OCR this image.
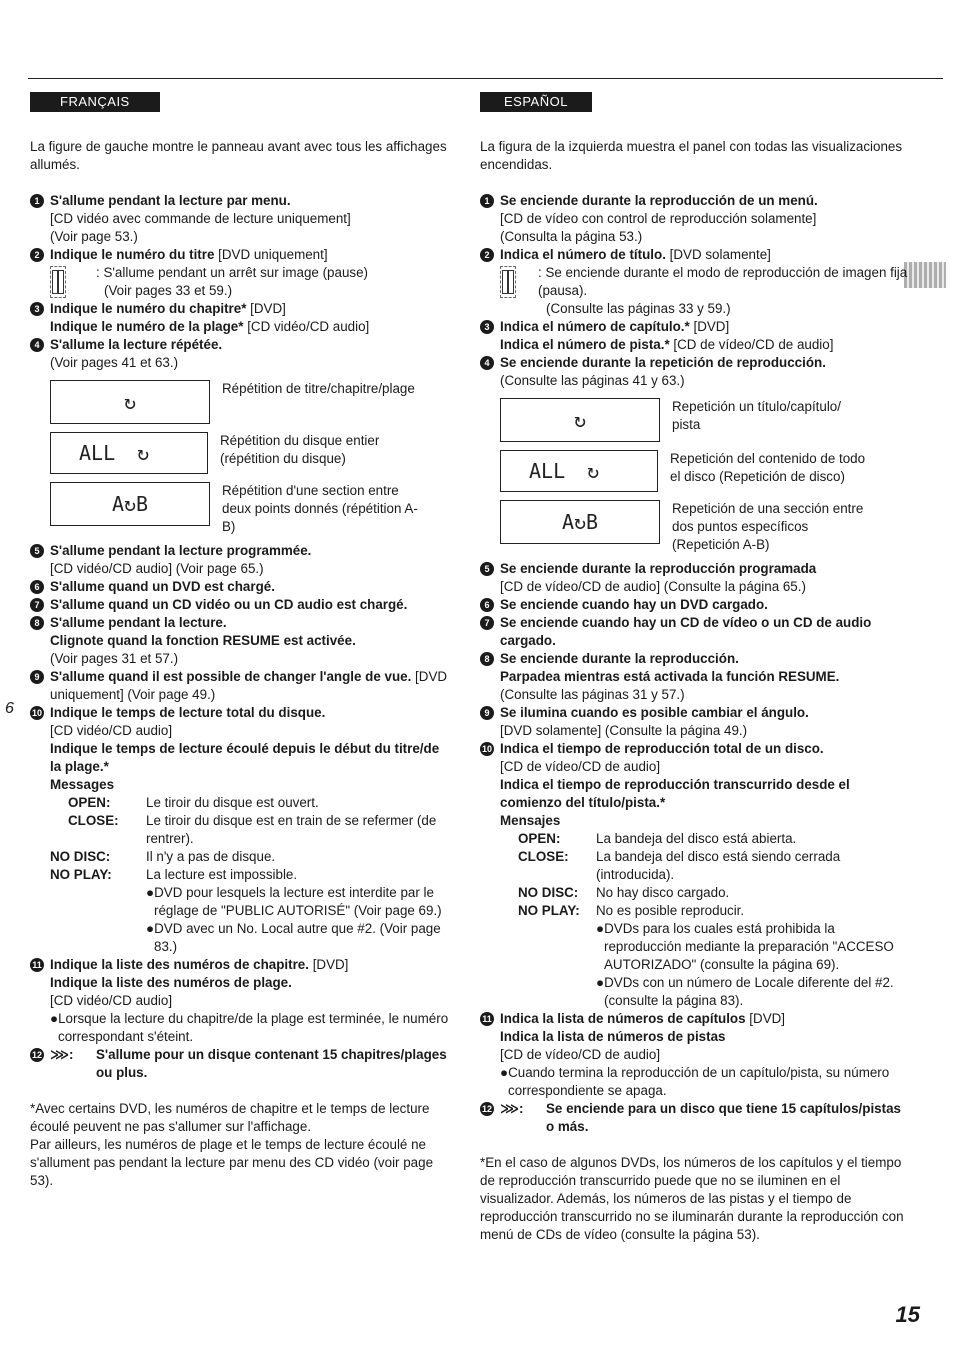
6
FRANÇAIS

La figure de gauche montre le panneau avant avec tous les affichages allumés.

1 S'allume pendant la lecture par menu.

[CD vidéo avec commande de lecture uniquement]

(Voir page 53.)

2 Indique le numéro du titre [DVD uniquement]

: S'allume pendant un arrêt sur image (pause)

(Voir pages 33 et 59.)

3 Indique le numéro du chapitre* [DVD]

Indique le numéro de la plage* [CD vidéo/CD audio]

4 S'allume la lecture répétée.

(Voir pages 41 et 63.)

↻

Répétition de titre/chapitre/plage

ALL ↻

Répétition du disque entier (répétition du disque)

A↻B

Répétition d'une section entre deux points donnés (répétition A-B)

5 S'allume pendant la lecture programmée.

[CD vidéo/CD audio] (Voir page 65.)

6 S'allume quand un DVD est chargé.

7 S'allume quand un CD vidéo ou un CD audio est chargé.

8 S'allume pendant la lecture.

Clignote quand la fonction RESUME est activée.

(Voir pages 31 et 57.)

9 S'allume quand il est possible de changer l'angle de vue. [DVD uniquement] (Voir page 49.)

10 Indique le temps de lecture total du disque.

[CD vidéo/CD audio]

Indique le temps de lecture écoulé depuis le début du titre/de la plage.*

Messages

OPEN:	Le tiroir du disque est ouvert.
CLOSE:	Le tiroir du disque est en train de se refermer (de rentrer).
NO DISC:	Il n'y a pas de disque.
NO PLAY:	La lecture est impossible.

●DVD pour lesquels la lecture est interdite par le réglage de "PUBLIC AUTORISÉ" (Voir page 69.)

●DVD avec un No. Local autre que #2. (Voir page 83.)

11 Indique la liste des numéros de chapitre. [DVD]

Indique la liste des numéros de plage.

[CD vidéo/CD audio]

●Lorsque la lecture du chapitre/de la plage est terminée, le numéro correspondant s'éteint.

12 ⋙:	S'allume pour un disque contenant 15 chapitres/plages ou plus.

*Avec certains DVD, les numéros de chapitre et le temps de lecture écoulé peuvent ne pas s'allumer sur l'affichage.

Par ailleurs, les numéros de plage et le temps de lecture écoulé ne s'allument pas pendant la lecture par menu des CD vidéo (voir page 53).

ESPAÑOL

La figura de la izquierda muestra el panel con todas las visualizaciones encendidas.

1 Se enciende durante la reproducción de un menú.

[CD de vídeo con control de reproducción solamente]

(Consulta la página 53.)

2 Indica el número de título. [DVD solamente]

: Se enciende durante el modo de reproducción de imagen fija (pausa).

(Consulte las páginas 33 y 59.)

3 Indica el número de capítulo.* [DVD]

Indica el número de pista.* [CD de vídeo/CD de audio]

4 Se enciende durante la repetición de reproducción.

(Consulte las páginas 41 y 63.)

↻

Repetición un título/capítulo/ pista

ALL ↻

Repetición del contenido de todo el disco (Repetición de disco)

A↻B

Repetición de una sección entre dos puntos específicos (Repetición A-B)

5 Se enciende durante la reproducción programada

[CD de vídeo/CD de audio] (Consulte la página 65.)

6 Se enciende cuando hay un DVD cargado.

7 Se enciende cuando hay un CD de vídeo o un CD de audio cargado.

8 Se enciende durante la reproducción.

Parpadea mientras está activada la función RESUME.

(Consulte las páginas 31 y 57.)

9 Se ilumina cuando es posible cambiar el ángulo.

[DVD solamente] (Consulte la página 49.)

10 Indica el tiempo de reproducción total de un disco.

[CD de vídeo/CD de audio]

Indica el tiempo de reproducción transcurrido desde el comienzo del título/pista.*

Mensajes

OPEN:	La bandeja del disco está abierta.
CLOSE:	La bandeja del disco está siendo cerrada (introducida).
NO DISC:	No hay disco cargado.
NO PLAY:	No es posible reproducir.

●DVDs para los cuales está prohibida la reproducción mediante la preparación "ACCESO AUTORIZADO" (consulte la página 69).

●DVDs con un número de Locale diferente del #2. (consulte la página 83).

11 Indica la lista de números de capítulos [DVD]

Indica la lista de números de pistas

[CD de vídeo/CD de audio]

●Cuando termina la reproducción de un capítulo/pista, su número correspondiente se apaga.

12 ⋙:	Se enciende para un disco que tiene 15 capítulos/pistas o más.

*En el caso de algunos DVDs, los números de los capítulos y el tiempo de reproducción transcurrido puede que no se iluminen en el visualizador. Además, los números de las pistas y el tiempo de reproducción transcurrido no se iluminarán durante la reproducción con menú de CDs de vídeo (consulte la página 53).

15
